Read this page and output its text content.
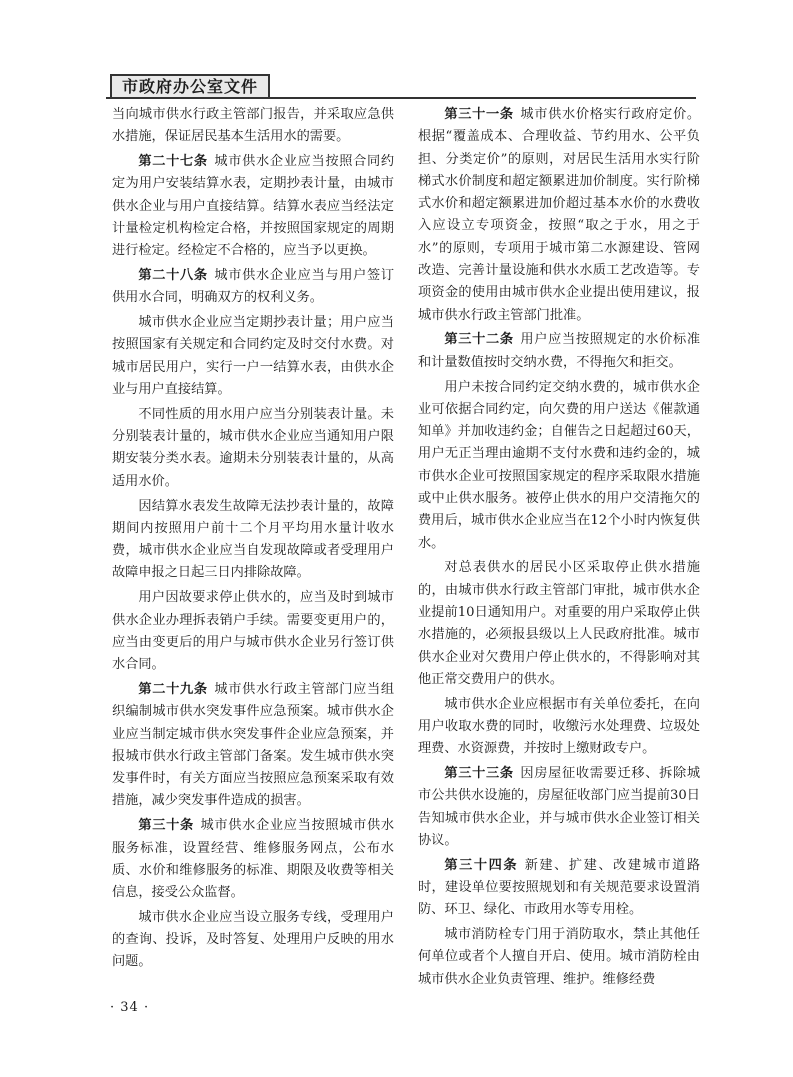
市政府办公室文件

当向城市供水行政主管部门报告，并采取应急供水措施，保证居民基本生活用水的需要。

第二十七条 城市供水企业应当按照合同约定为用户安装结算水表，定期抄表计量，由城市供水企业与用户直接结算。结算水表应当经法定计量检定机构检定合格，并按照国家规定的周期进行检定。经检定不合格的，应当予以更换。

第二十八条 城市供水企业应当与用户签订供用水合同，明确双方的权利义务。

城市供水企业应当定期抄表计量；用户应当按照国家有关规定和合同约定及时交付水费。对城市居民用户，实行一户一结算水表，由供水企业与用户直接结算。

不同性质的用水用户应当分别装表计量。未分别装表计量的，城市供水企业应当通知用户限期安装分类水表。逾期未分别装表计量的，从高适用水价。

因结算水表发生故障无法抄表计量的，故障期间内按照用户前十二个月平均用水量计收水费，城市供水企业应当自发现故障或者受理用户故障申报之日起三日内排除故障。

用户因故要求停止供水的，应当及时到城市供水企业办理拆表销户手续。需要变更用户的，应当由变更后的用户与城市供水企业另行签订供水合同。

第二十九条 城市供水行政主管部门应当组织编制城市供水突发事件应急预案。城市供水企业应当制定城市供水突发事件企业应急预案，并报城市供水行政主管部门备案。发生城市供水突发事件时，有关方面应当按照应急预案采取有效措施，减少突发事件造成的损害。

第三十条 城市供水企业应当按照城市供水服务标准，设置经营、维修服务网点，公布水质、水价和维修服务的标准、期限及收费等相关信息，接受公众监督。

城市供水企业应当设立服务专线，受理用户的查询、投诉，及时答复、处理用户反映的用水问题。

第三十一条 城市供水价格实行政府定价。根据“覆盖成本、合理收益、节约用水、公平负担、分类定价”的原则，对居民生活用水实行阶梯式水价制度和超定额累进加价制度。实行阶梯式水价和超定额累进加价超过基本水价的水费收入应设立专项资金，按照“取之于水，用之于水”的原则，专项用于城市第二水源建设、管网改造、完善计量设施和供水水质工艺改造等。专项资金的使用由城市供水企业提出使用建议，报城市供水行政主管部门批准。

第三十二条 用户应当按照规定的水价标准和计量数值按时交纳水费，不得拖欠和拒交。

用户未按合同约定交纳水费的，城市供水企业可依据合同约定，向欠费的用户送达《催款通知单》并加收违约金；自催告之日起超过60天，用户无正当理由逾期不支付水费和违约金的，城市供水企业可按照国家规定的程序采取限水措施或中止供水服务。被停止供水的用户交清拖欠的费用后，城市供水企业应当在12个小时内恢复供水。

对总表供水的居民小区采取停止供水措施的，由城市供水行政主管部门审批，城市供水企业提前10日通知用户。对重要的用户采取停止供水措施的，必须报县级以上人民政府批准。城市供水企业对欠费用户停止供水的，不得影响对其他正常交费用户的供水。

城市供水企业应根据市有关单位委托，在向用户收取水费的同时，收缴污水处理费、垃圾处理费、水资源费，并按时上缴财政专户。

第三十三条 因房屋征收需要迁移、拆除城市公共供水设施的，房屋征收部门应当提前30日告知城市供水企业，并与城市供水企业签订相关协议。

第三十四条 新建、扩建、改建城市道路时，建设单位要按照规划和有关规范要求设置消防、环卫、绿化、市政用水等专用栓。

城市消防栓专门用于消防取水，禁止其他任何单位或者个人擅自开启、使用。城市消防栓由城市供水企业负责管理、维护。维修经费

· 34 ·
